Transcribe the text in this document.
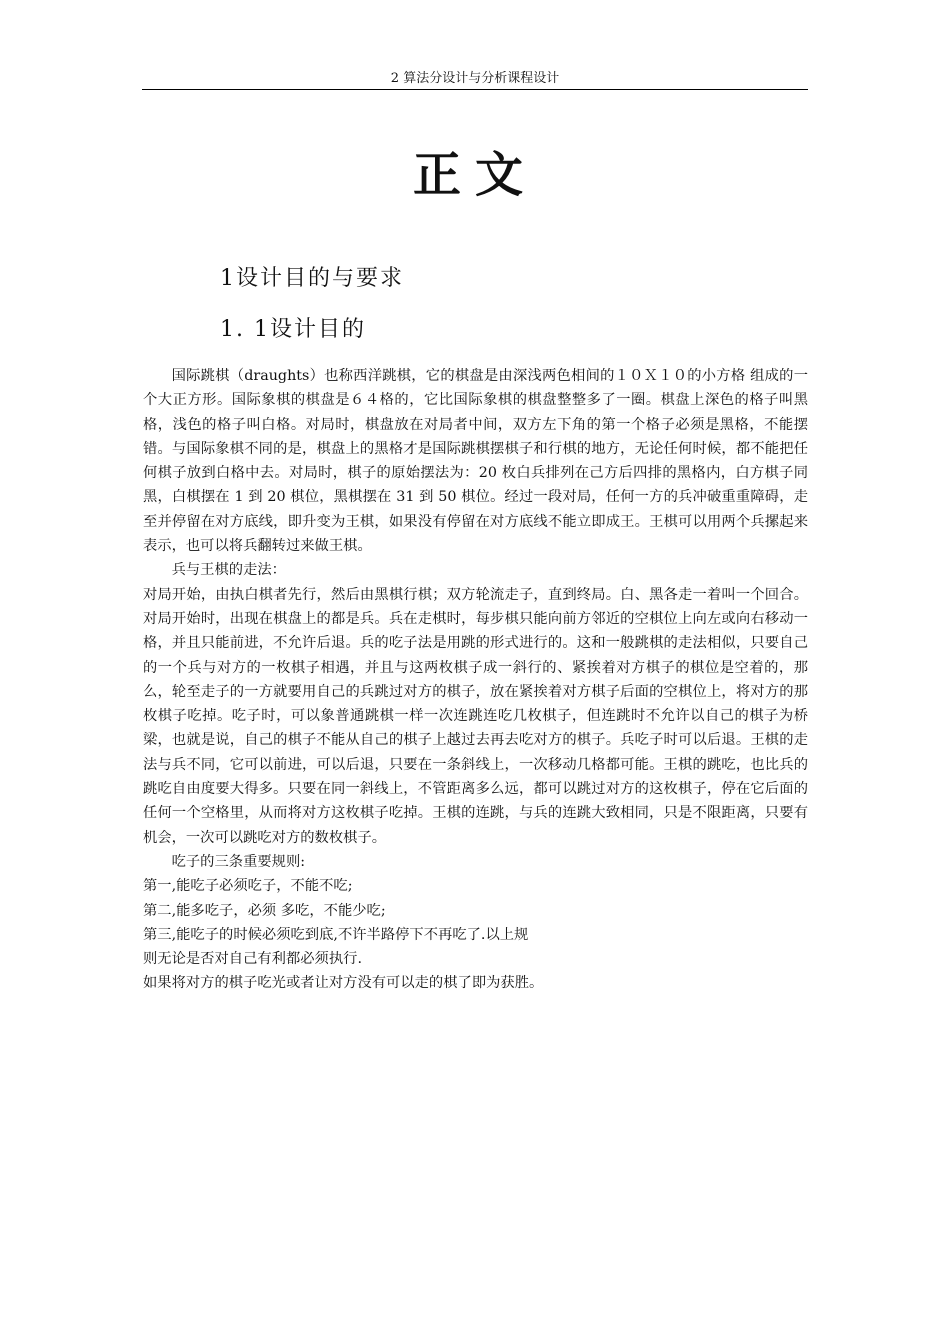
2 算法分设计与分析课程设计
正文
1设计目的与要求
1. 1设计目的

国际跳棋（draughts）也称西洋跳棋，它的棋盘是由深浅两色相间的１０Ｘ１０的小方格 组成的一个大正方形。国际象棋的棋盘是６４格的，它比国际象棋的棋盘整整多了一圈。棋盘上深色的格子叫黑格，浅色的格子叫白格。对局时，棋盘放在对局者中间，双方左下角的第一个格子必须是黑格，不能摆错。与国际象棋不同的是，棋盘上的黑格才是国际跳棋摆棋子和行棋的地方，无论任何时候，都不能把任何棋子放到白格中去。对局时，棋子的原始摆法为：20 枚白兵排列在己方后四排的黑格内，白方棋子同黑，白棋摆在 1 到 20 棋位，黑棋摆在 31 到 50 棋位。经过一段对局，任何一方的兵冲破重重障碍，走至并停留在对方底线，即升变为王棋，如果没有停留在对方底线不能立即成王。王棋可以用两个兵摞起来表示，也可以将兵翻转过来做王棋。

兵与王棋的走法：

对局开始，由执白棋者先行，然后由黑棋行棋；双方轮流走子，直到终局。白、黑各走一着叫一个回合。对局开始时，出现在棋盘上的都是兵。兵在走棋时，每步棋只能向前方邻近的空棋位上向左或向右移动一格，并且只能前进，不允许后退。兵的吃子法是用跳的形式进行的。这和一般跳棋的走法相似，只要自己的一个兵与对方的一枚棋子相遇，并且与这两枚棋子成一斜行的、紧挨着对方棋子的棋位是空着的，那么，轮至走子的一方就要用自己的兵跳过对方的棋子，放在紧挨着对方棋子后面的空棋位上，将对方的那枚棋子吃掉。吃子时，可以象普通跳棋一样一次连跳连吃几枚棋子，但连跳时不允许以自己的棋子为桥梁，也就是说，自己的棋子不能从自己的棋子上越过去再去吃对方的棋子。兵吃子时可以后退。王棋的走法与兵不同，它可以前进，可以后退，只要在一条斜线上，一次移动几格都可能。王棋的跳吃，也比兵的跳吃自由度要大得多。只要在同一斜线上，不管距离多么远，都可以跳过对方的这枚棋子，停在它后面的任何一个空格里，从而将对方这枚棋子吃掉。王棋的连跳，与兵的连跳大致相同，只是不限距离，只要有机会，一次可以跳吃对方的数枚棋子。

吃子的三条重要规则:

第一,能吃子必须吃子，不能不吃;

第二,能多吃子，必须 多吃，不能少吃;

第三,能吃子的时候必须吃到底,不许半路停下不再吃了.以上规

则无论是否对自己有利都必须执行.

如果将对方的棋子吃光或者让对方没有可以走的棋了即为获胜。
